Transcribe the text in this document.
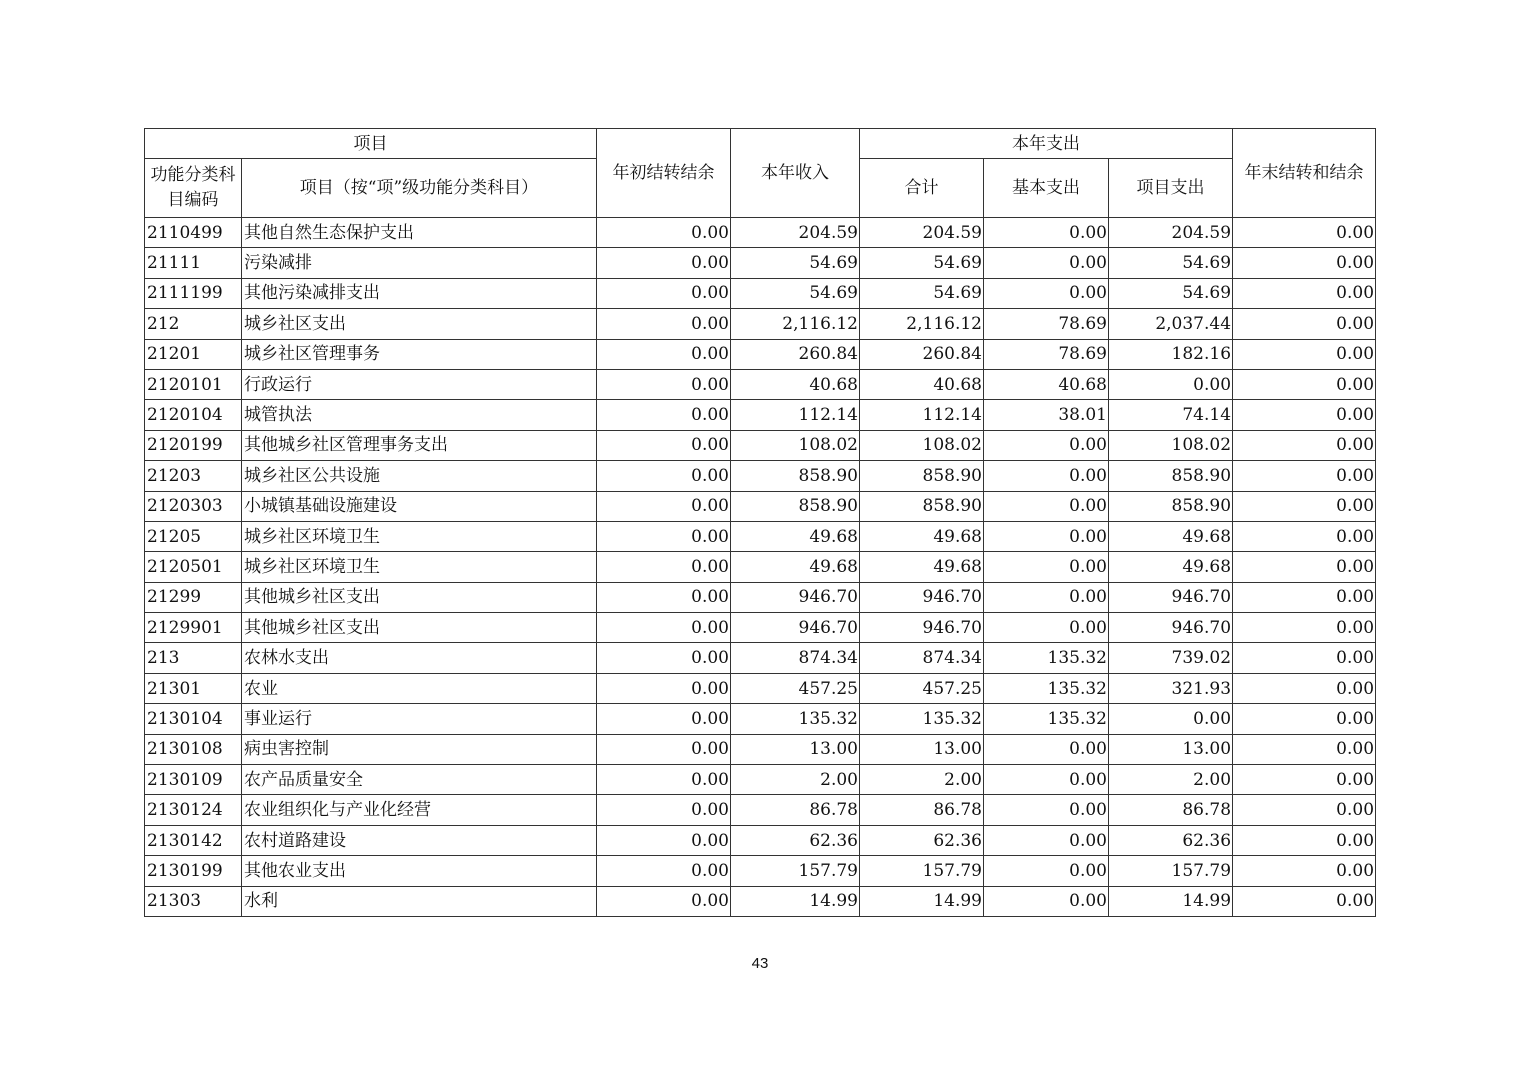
项目		年初结转结余	本年收入	本年支出			年末结转和结余
功能分类科目编码	项目（按“项”级功能分类科目）			合计	基本支出	项目支出	
2110499	其他自然生态保护支出	0.00	204.59	204.59	0.00	204.59	0.00
21111	污染减排	0.00	54.69	54.69	0.00	54.69	0.00
2111199	其他污染减排支出	0.00	54.69	54.69	0.00	54.69	0.00
212	城乡社区支出	0.00	2,116.12	2,116.12	78.69	2,037.44	0.00
21201	城乡社区管理事务	0.00	260.84	260.84	78.69	182.16	0.00
2120101	行政运行	0.00	40.68	40.68	40.68	0.00	0.00
2120104	城管执法	0.00	112.14	112.14	38.01	74.14	0.00
2120199	其他城乡社区管理事务支出	0.00	108.02	108.02	0.00	108.02	0.00
21203	城乡社区公共设施	0.00	858.90	858.90	0.00	858.90	0.00
2120303	小城镇基础设施建设	0.00	858.90	858.90	0.00	858.90	0.00
21205	城乡社区环境卫生	0.00	49.68	49.68	0.00	49.68	0.00
2120501	城乡社区环境卫生	0.00	49.68	49.68	0.00	49.68	0.00
21299	其他城乡社区支出	0.00	946.70	946.70	0.00	946.70	0.00
2129901	其他城乡社区支出	0.00	946.70	946.70	0.00	946.70	0.00
213	农林水支出	0.00	874.34	874.34	135.32	739.02	0.00
21301	农业	0.00	457.25	457.25	135.32	321.93	0.00
2130104	事业运行	0.00	135.32	135.32	135.32	0.00	0.00
2130108	病虫害控制	0.00	13.00	13.00	0.00	13.00	0.00
2130109	农产品质量安全	0.00	2.00	2.00	0.00	2.00	0.00
2130124	农业组织化与产业化经营	0.00	86.78	86.78	0.00	86.78	0.00
2130142	农村道路建设	0.00	62.36	62.36	0.00	62.36	0.00
2130199	其他农业支出	0.00	157.79	157.79	0.00	157.79	0.00
21303	水利	0.00	14.99	14.99	0.00	14.99	0.00
43
